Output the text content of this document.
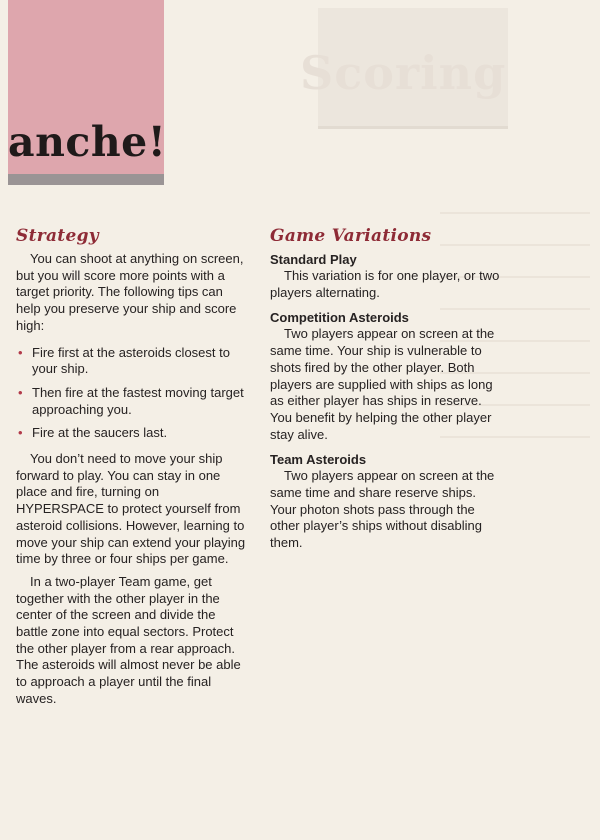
Scoring
anche!
Strategy

You can shoot at anything on screen, but you will score more points with a target priority. The following tips can help you preserve your ship and score high:

• Fire first at the asteroids closest to your ship.
• Then fire at the fastest moving target approaching you.
• Fire at the saucers last.

You don’t need to move your ship forward to play. You can stay in one place and fire, turning on HYPERSPACE to protect yourself from asteroid collisions. However, learning to move your ship can extend your playing time by three or four ships per game.

In a two-player Team game, get together with the other player in the center of the screen and divide the battle zone into equal sectors. Protect the other player from a rear approach. The asteroids will almost never be able to approach a player until the final waves.

Game Variations
Standard Play

This variation is for one player, or two players alternating.

Competition Asteroids

Two players appear on screen at the same time. Your ship is vulnerable to shots fired by the other player. Both players are supplied with ships as long as either player has ships in reserve. You benefit by helping the other player stay alive.

Team Asteroids

Two players appear on screen at the same time and share reserve ships. Your photon shots pass through the other player’s ships without disabling them.
